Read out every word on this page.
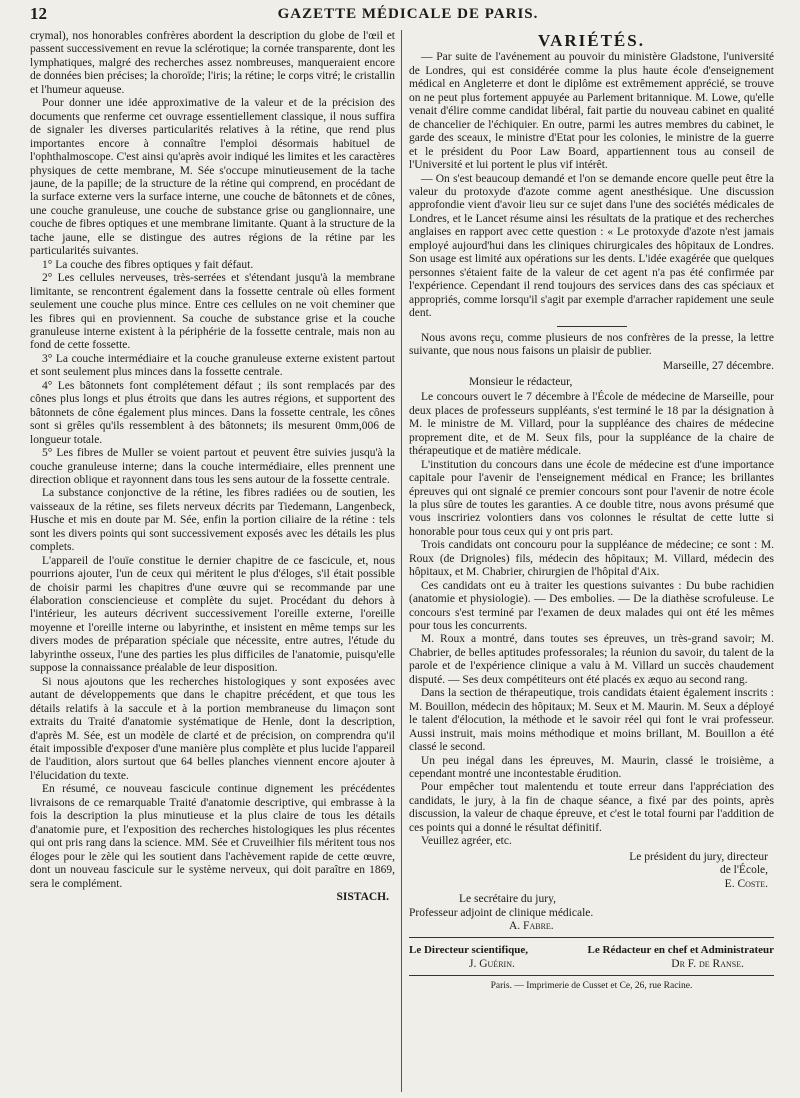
12	GAZETTE MÉDICALE DE PARIS.

crymal), nos honorables confrères abordent la description du globe de l'œil et passent successivement en revue la sclérotique; la cornée transparente, dont les lymphatiques, malgré des recherches assez nombreuses, manqueraient encore de données bien précises; la choroïde; l'iris; la rétine; le corps vitré; le cristallin et l'humeur aqueuse.

Pour donner une idée approximative de la valeur et de la précision des documents que renferme cet ouvrage essentiellement classique, il nous suffira de signaler les diverses particularités relatives à la rétine, que rend plus importantes encore à connaître l'emploi désormais habituel de l'ophthalmoscope. C'est ainsi qu'après avoir indiqué les limites et les caractères physiques de cette membrane, M. Sée s'occupe minutieusement de la tache jaune, de la papille; de la structure de la rétine qui comprend, en procédant de la surface externe vers la surface interne, une couche de bâtonnets et de cônes, une couche granuleuse, une couche de substance grise ou ganglionnaire, une couche de fibres optiques et une membrane limitante. Quant à la structure de la tache jaune, elle se distingue des autres régions de la rétine par les particularités suivantes.

1° La couche des fibres optiques y fait défaut.

2° Les cellules nerveuses, très-serrées et s'étendant jusqu'à la membrane limitante, se rencontrent également dans la fossette centrale où elles forment seulement une couche plus mince. Entre ces cellules on ne voit cheminer que les fibres qui en proviennent. Sa couche de substance grise et la couche granuleuse interne existent à la périphérie de la fossette centrale, mais non au fond de cette fossette.

3° La couche intermédiaire et la couche granuleuse externe existent partout et sont seulement plus minces dans la fossette centrale.

4° Les bâtonnets font complétement défaut ; ils sont remplacés par des cônes plus longs et plus étroits que dans les autres régions, et supportent des bâtonnets de cône également plus minces. Dans la fossette centrale, les cônes sont si grêles qu'ils ressemblent à des bâtonnets; ils mesurent 0mm,006 de longueur totale.

5° Les fibres de Muller se voient partout et peuvent être suivies jusqu'à la couche granuleuse interne; dans la couche intermédiaire, elles prennent une direction oblique et rayonnent dans tous les sens autour de la fossette centrale.

La substance conjonctive de la rétine, les fibres radiées ou de soutien, les vaisseaux de la rétine, ses filets nerveux décrits par Tiedemann, Langenbeck, Husche et mis en doute par M. Sée, enfin la portion ciliaire de la rétine : tels sont les divers points qui sont successivement exposés avec les détails les plus complets.

L'appareil de l'ouïe constitue le dernier chapitre de ce fascicule, et, nous pourrions ajouter, l'un de ceux qui méritent le plus d'éloges, s'il était possible de choisir parmi les chapitres d'une œuvre qui se recommande par une élaboration consciencieuse et complète du sujet. Procédant du dehors à l'intérieur, les auteurs décrivent successivement l'oreille externe, l'oreille moyenne et l'oreille interne ou labyrinthe, et insistent en même temps sur les divers modes de préparation spéciale que nécessite, entre autres, l'étude du labyrinthe osseux, l'une des parties les plus difficiles de l'anatomie, puisqu'elle suppose la connaissance préalable de leur disposition.

Si nous ajoutons que les recherches histologiques y sont exposées avec autant de développements que dans le chapitre précédent, et que tous les détails relatifs à la saccule et à la portion membraneuse du limaçon sont extraits du Traité d'anatomie systématique de Henle, dont la description, d'après M. Sée, est un modèle de clarté et de précision, on comprendra qu'il était impossible d'exposer d'une manière plus complète et plus lucide l'appareil de l'audition, alors surtout que 64 belles planches viennent encore ajouter à l'élucidation du texte.

En résumé, ce nouveau fascicule continue dignement les précédentes livraisons de ce remarquable Traité d'anatomie descriptive, qui embrasse à la fois la description la plus minutieuse et la plus claire de tous les détails d'anatomie pure, et l'exposition des recherches histologiques les plus récentes qui ont pris rang dans la science. MM. Sée et Cruveilhier fils méritent tous nos éloges pour le zèle qui les soutient dans l'achèvement rapide de cette œuvre, dont un nouveau fascicule sur le système nerveux, qui doit paraître en 1869, sera le complément.

SISTACH.
VARIÉTÉS.

— Par suite de l'avénement au pouvoir du ministère Gladstone, l'université de Londres, qui est considérée comme la plus haute école d'enseignement médical en Angleterre et dont le diplôme est extrêmement apprécié, se trouve on ne peut plus fortement appuyée au Parlement britannique. M. Lowe, qu'elle venait d'élire comme candidat libéral, fait partie du nouveau cabinet en qualité de chancelier de l'échiquier. En outre, parmi les autres membres du cabinet, le garde des sceaux, le ministre d'Etat pour les colonies, le ministre de la guerre et le président du Poor Law Board, appartiennent tous au conseil de l'Université et lui portent le plus vif intérêt.

— On s'est beaucoup demandé et l'on se demande encore quelle peut être la valeur du protoxyde d'azote comme agent anesthésique. Une discussion approfondie vient d'avoir lieu sur ce sujet dans l'une des sociétés médicales de Londres, et le Lancet résume ainsi les résultats de la pratique et des recherches anglaises en rapport avec cette question : « Le protoxyde d'azote n'est jamais employé aujourd'hui dans les cliniques chirurgicales des hôpitaux de Londres. Son usage est limité aux opérations sur les dents. L'idée exagérée que quelques personnes s'étaient faite de la valeur de cet agent n'a pas été confirmée par l'expérience. Cependant il rend toujours des services dans des cas spéciaux et appropriés, comme lorsqu'il s'agit par exemple d'arracher rapidement une seule dent.

Nous avons reçu, comme plusieurs de nos confrères de la presse, la lettre suivante, que nous nous faisons un plaisir de publier.

Marseille, 27 décembre.
Monsieur le rédacteur,

Le concours ouvert le 7 décembre à l'École de médecine de Marseille, pour deux places de professeurs suppléants, s'est terminé le 18 par la désignation à M. le ministre de M. Villard, pour la suppléance des chaires de médecine proprement dite, et de M. Seux fils, pour la suppléance de la chaire de thérapeutique et de matière médicale.

L'institution du concours dans une école de médecine est d'une importance capitale pour l'avenir de l'enseignement médical en France; les brillantes épreuves qui ont signalé ce premier concours sont pour l'avenir de notre école la plus sûre de toutes les garanties. A ce double titre, nous avons présumé que vous inscririez volontiers dans vos colonnes le résultat de cette lutte si honorable pour tous ceux qui y ont pris part.

Trois candidats ont concouru pour la suppléance de médecine; ce sont : M. Roux (de Drignoles) fils, médecin des hôpitaux; M. Villard, médecin des hôpitaux, et M. Chabrier, chirurgien de l'hôpital d'Aix.

Ces candidats ont eu à traiter les questions suivantes : Du bube rachidien (anatomie et physiologie). — Des embolies. — De la diathèse scrofuleuse. Le concours s'est terminé par l'examen de deux malades qui ont été les mêmes pour tous les concurrents.

M. Roux a montré, dans toutes ses épreuves, un très-grand savoir; M. Chabrier, de belles aptitudes professorales; la réunion du savoir, du talent de la parole et de l'expérience clinique a valu à M. Villard un succès chaudement disputé. — Ses deux compétiteurs ont été placés ex æquo au second rang.

Dans la section de thérapeutique, trois candidats étaient également inscrits : M. Bouillon, médecin des hôpitaux; M. Seux et M. Maurin. M. Seux a déployé le talent d'élocution, la méthode et le savoir réel qui font le vrai professeur. Aussi instruit, mais moins méthodique et moins brillant, M. Bouillon a été classé le second.

Un peu inégal dans les épreuves, M. Maurin, classé le troisième, a cependant montré une incontestable érudition.

Pour empêcher tout malentendu et toute erreur dans l'appréciation des candidats, le jury, à la fin de chaque séance, a fixé par des points, après discussion, la valeur de chaque épreuve, et c'est le total fourni par l'addition de ces points qui a donné le résultat définitif.

Veuillez agréer, etc.

Le président du jury, directeur
de l'École,
E. Coste.
Le secrétaire du jury,
Professeur adjoint de clinique médicale.
A. Fabre.
Le Directeur scientifique,	Le Rédacteur en chef et Administrateur
J. Guérin.	Dr F. de Ranse.
Paris. — Imprimerie de Cusset et Ce, 26, rue Racine.
